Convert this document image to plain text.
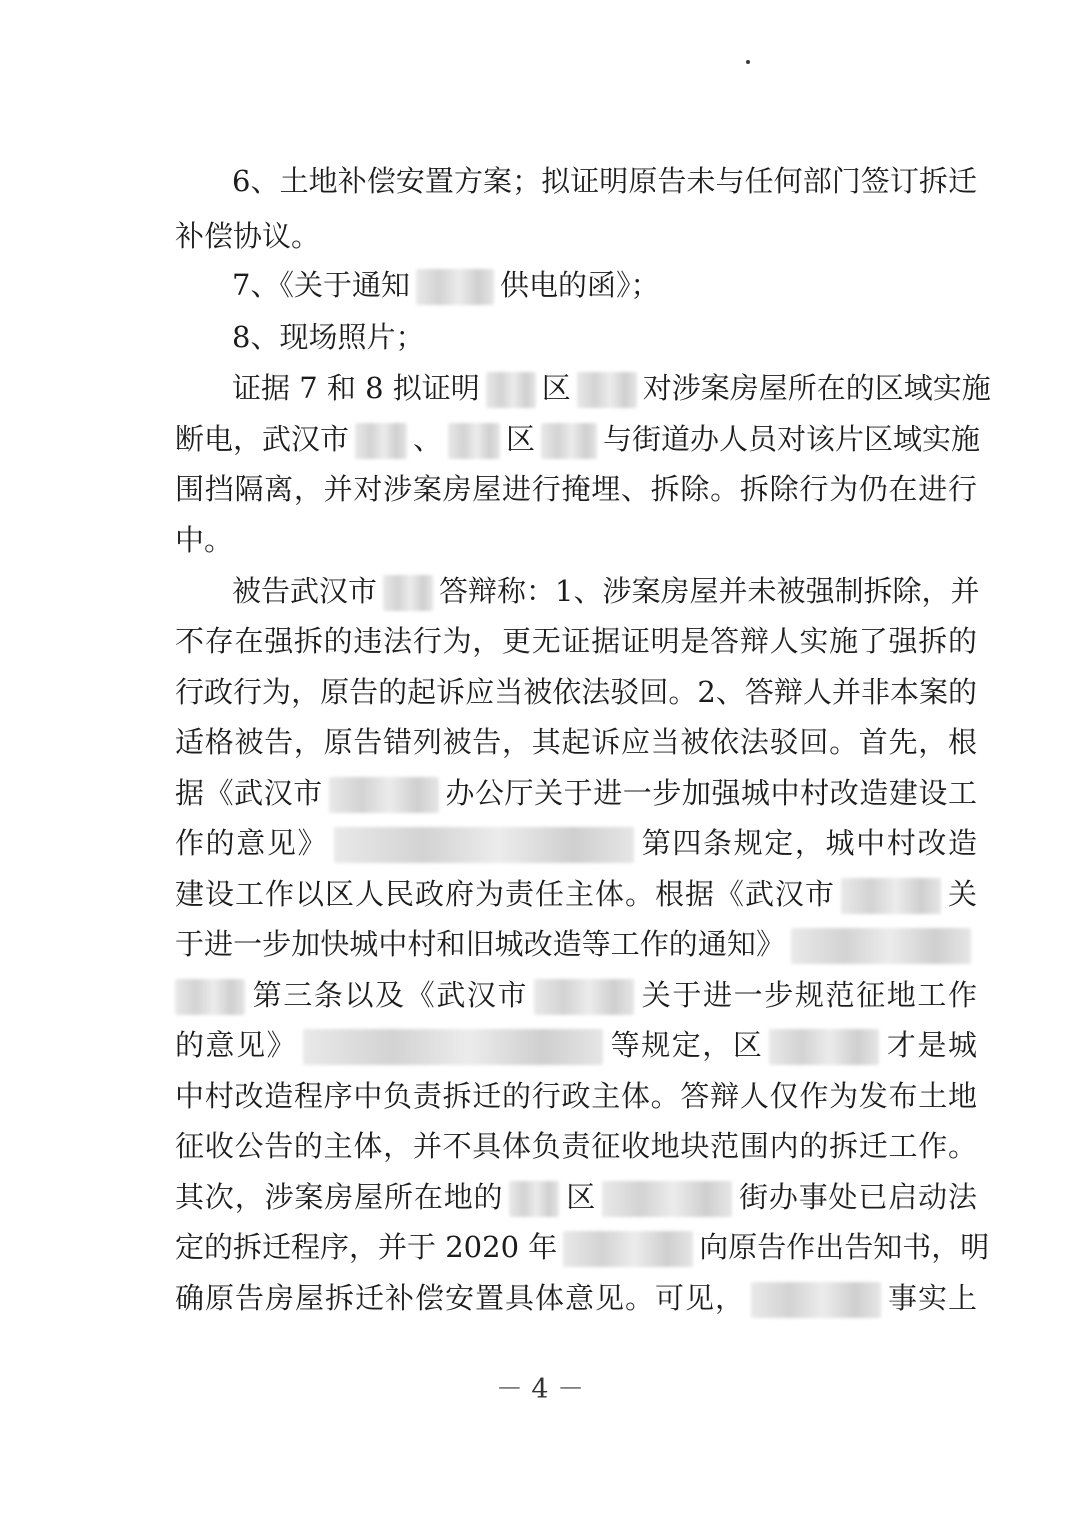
6、土地补偿安置方案；拟证明原告未与任何部门签订拆迁
补偿协议。
7、《关于通知	供电的函》；
8、现场照片；
证据 7 和 8 拟证明 区 对涉案房屋所在的区域实施
断电，武汉市 、 区 与街道办人员对该片区域实施
围挡隔离，并对涉案房屋进行掩埋、拆除。拆除行为仍在进行
中。
被告武汉市 答辩称：1、涉案房屋并未被强制拆除，并
不存在强拆的违法行为，更无证据证明是答辩人实施了强拆的
行政行为，原告的起诉应当被依法驳回。2、答辩人并非本案的
适格被告，原告错列被告，其起诉应当被依法驳回。首先，根
据《武汉市	办公厅关于进一步加强城中村改造建设工
作的意见》	第四条规定，城中村改造
建设工作以区人民政府为责任主体。根据《武汉市	关
于进一步加快城中村和旧城改造等工作的通知》
第三条以及《武汉市	关于进一步规范征地工作
的意见》	等规定，区	才是城
中村改造程序中负责拆迁的行政主体。答辩人仅作为发布土地
征收公告的主体，并不具体负责征收地块范围内的拆迁工作。
其次，涉案房屋所在地的 区	街办事处已启动法
定的拆迁程序，并于 2020 年	向原告作出告知书，明
确原告房屋拆迁补偿安置具体意见。可见，	事实上
－ 4 －
